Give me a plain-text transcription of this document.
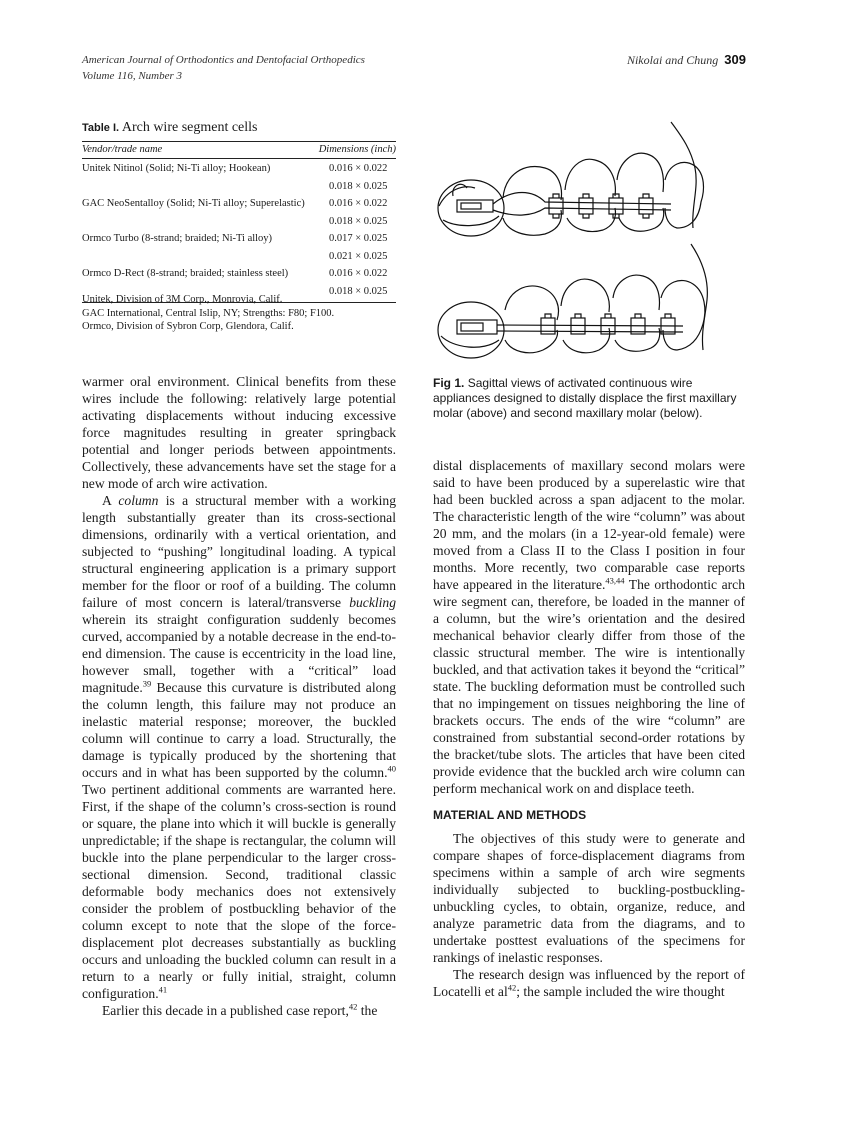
American Journal of Orthodontics and Dentofacial Orthopedics
Volume 116, Number 3
Nikolai and Chung 309
Table I. Arch wire segment cells
Vendor/trade name	Dimensions (inch)
Unitek Nitinol (Solid; Ni-Ti alloy; Hookean)	0.016 × 0.022
0.018 × 0.025
GAC NeoSentalloy (Solid; Ni-Ti alloy; Superelastic) 0.016 × 0.022
0.018 × 0.025
Ormco Turbo (8-strand; braided; Ni-Ti alloy)	0.017 × 0.025
0.021 × 0.025
Ormco D-Rect (8-strand; braided; stainless steel)	0.016 × 0.022
0.018 × 0.025
Unitek, Division of 3M Corp., Monrovia, Calif.
GAC International, Central Islip, NY; Strengths: F80; F100.
Ormco, Division of Sybron Corp, Glendora, Calif.
Fig 1. Sagittal views of activated continuous wire appliances designed to distally displace the first maxillary molar (above) and second maxillary molar (below).

warmer oral environment. Clinical benefits from these wires include the following: relatively large potential activating displacements without inducing excessive force magnitudes resulting in greater springback potential and longer periods between appointments. Collectively, these advancements have set the stage for a new mode of arch wire activation.

A column is a structural member with a working length substantially greater than its cross-sectional dimensions, ordinarily with a vertical orientation, and subjected to “pushing” longitudinal loading. A typical structural engineering application is a primary support member for the floor or roof of a building. The column failure of most concern is lateral/transverse buckling wherein its straight configuration suddenly becomes curved, accompanied by a notable decrease in the end-to-end dimension. The cause is eccentricity in the load line, however small, together with a “critical” load magnitude.$^{39}$ Because this curvature is distributed along the column length, this failure may not produce an inelastic material response; moreover, the buckled column will continue to carry a load. Structurally, the damage is typically produced by the shortening that occurs and in what has been supported by the column.$^{40}$ Two pertinent additional comments are warranted here. First, if the shape of the column’s cross-section is round or square, the plane into which it will buckle is generally unpredictable; if the shape is rectangular, the column will buckle into the plane perpendicular to the larger cross-sectional dimension. Second, traditional classic deformable body mechanics does not extensively consider the problem of postbuckling behavior of the column except to note that the slope of the force-displacement plot decreases substantially as buckling occurs and unloading the buckled column can result in a return to a nearly or fully initial, straight, column configuration.$^{41}$

Earlier this decade in a published case report,$^{42}$ the

distal displacements of maxillary second molars were said to have been produced by a superelastic wire that had been buckled across a span adjacent to the molar. The characteristic length of the wire “column” was about 20 mm, and the molars (in a 12-year-old female) were moved from a Class II to the Class I position in four months. More recently, two comparable case reports have appeared in the literature.$^{43,44}$ The orthodontic arch wire segment can, therefore, be loaded in the manner of a column, but the wire’s orientation and the desired mechanical behavior clearly differ from those of the classic structural member. The wire is intentionally buckled, and that activation takes it beyond the “critical” state. The buckling deformation must be controlled such that no impingement on tissues neighboring the line of brackets occurs. The ends of the wire “column” are constrained from substantial second-order rotations by the bracket/tube slots. The articles that have been cited provide evidence that the buckled arch wire column can perform mechanical work on and displace teeth.

MATERIAL AND METHODS

The objectives of this study were to generate and compare shapes of force-displacement diagrams from specimens within a sample of arch wire segments individually subjected to buckling-postbuckling-unbuckling cycles, to obtain, organize, reduce, and analyze parametric data from the diagrams, and to undertake posttest evaluations of the specimens for rankings of inelastic responses.

The research design was influenced by the report of Locatelli et $al^{42}$; the sample included the wire thought
